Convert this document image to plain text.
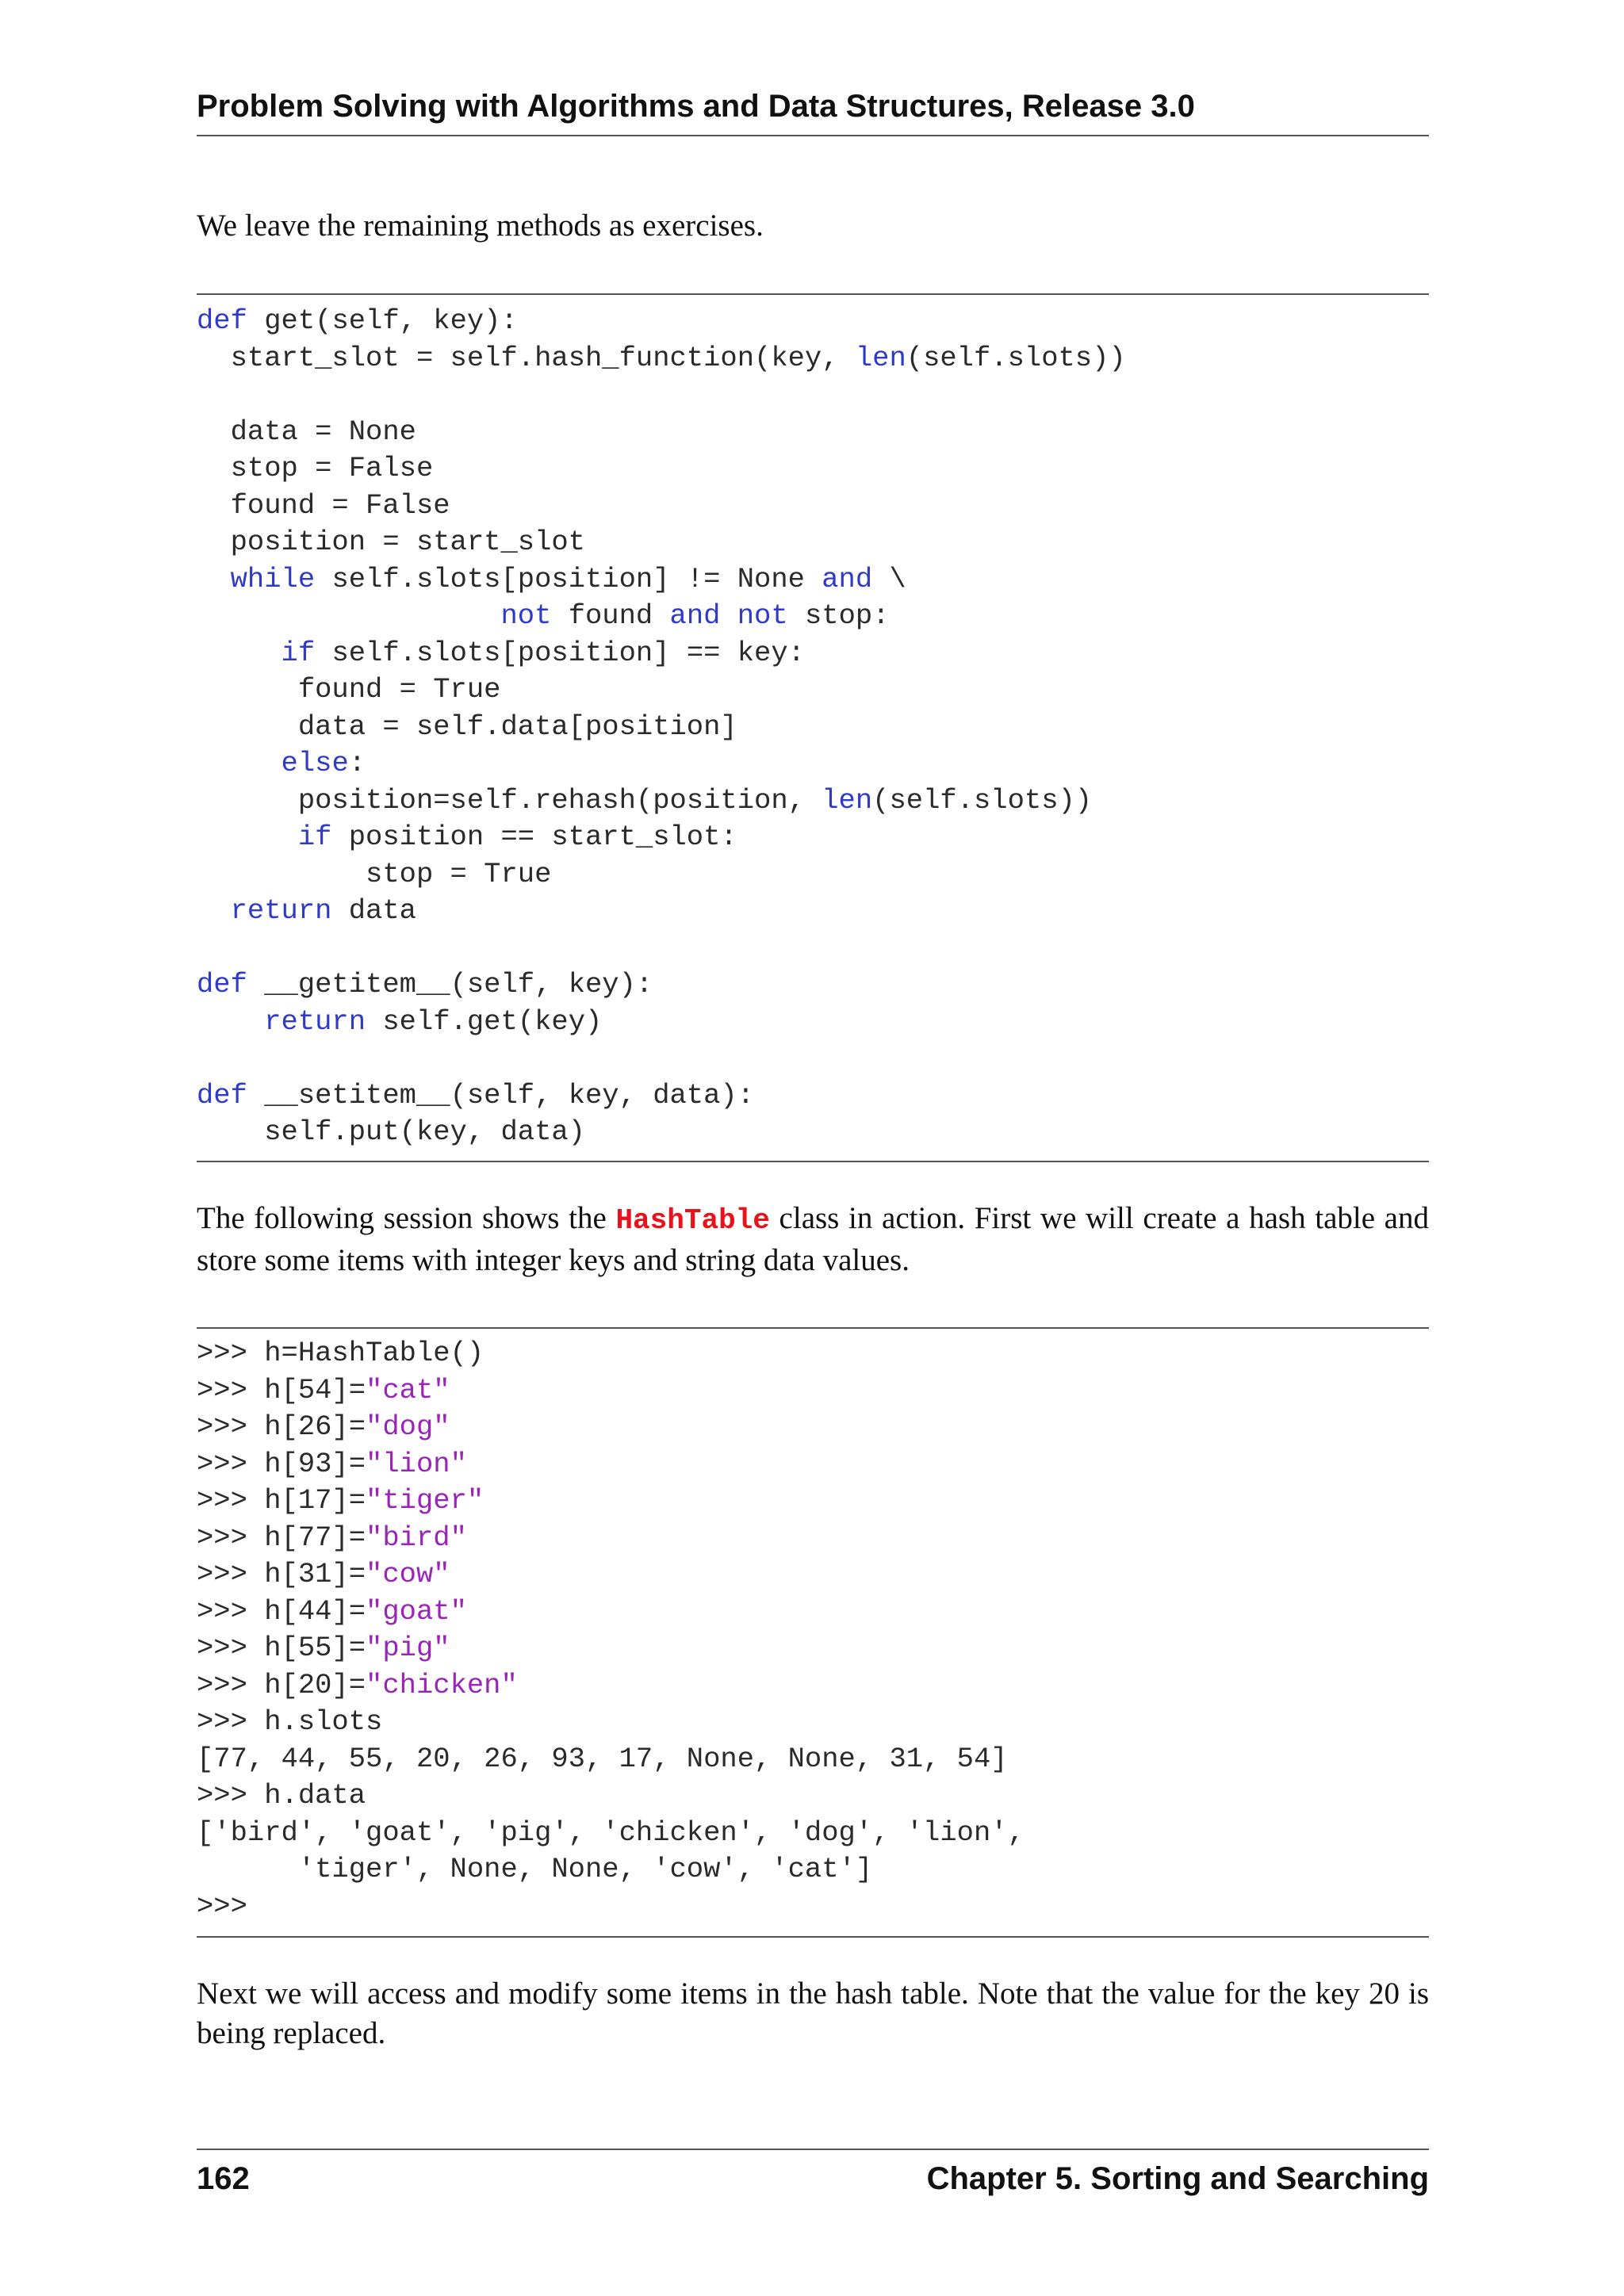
Problem Solving with Algorithms and Data Structures, Release 3.0
We leave the remaining methods as exercises.
def get(self, key):
start_slot = self.hash_function(key, len(self.slots))
data = None
stop = False
found = False
position = start_slot
while self.slots[position] != None and \
not found and not stop:
if self.slots[position] == key:
found = True
data = self.data[position]
else:
position=self.rehash(position, len(self.slots))
if position == start_slot:
stop = True
return data
def __getitem__(self, key):
return self.get(key)
def __setitem__(self, key, data):
self.put(key, data)
The following session shows the HashTable class in action. First we will create a hash table and store some items with integer keys and string data values.
>>> h=HashTable()
>>> h[54]="cat"
>>> h[26]="dog"
>>> h[93]="lion"
>>> h[17]="tiger"
>>> h[77]="bird"
>>> h[31]="cow"
>>> h[44]="goat"
>>> h[55]="pig"
>>> h[20]="chicken"
>>> h.slots
[77, 44, 55, 20, 26, 93, 17, None, None, 31, 54]
>>> h.data
['bird', 'goat', 'pig', 'chicken', 'dog', 'lion',
'tiger', None, None, 'cow', 'cat']
>>>
Next we will access and modify some items in the hash table. Note that the value for the key 20 is being replaced.
162	Chapter 5. Sorting and Searching
